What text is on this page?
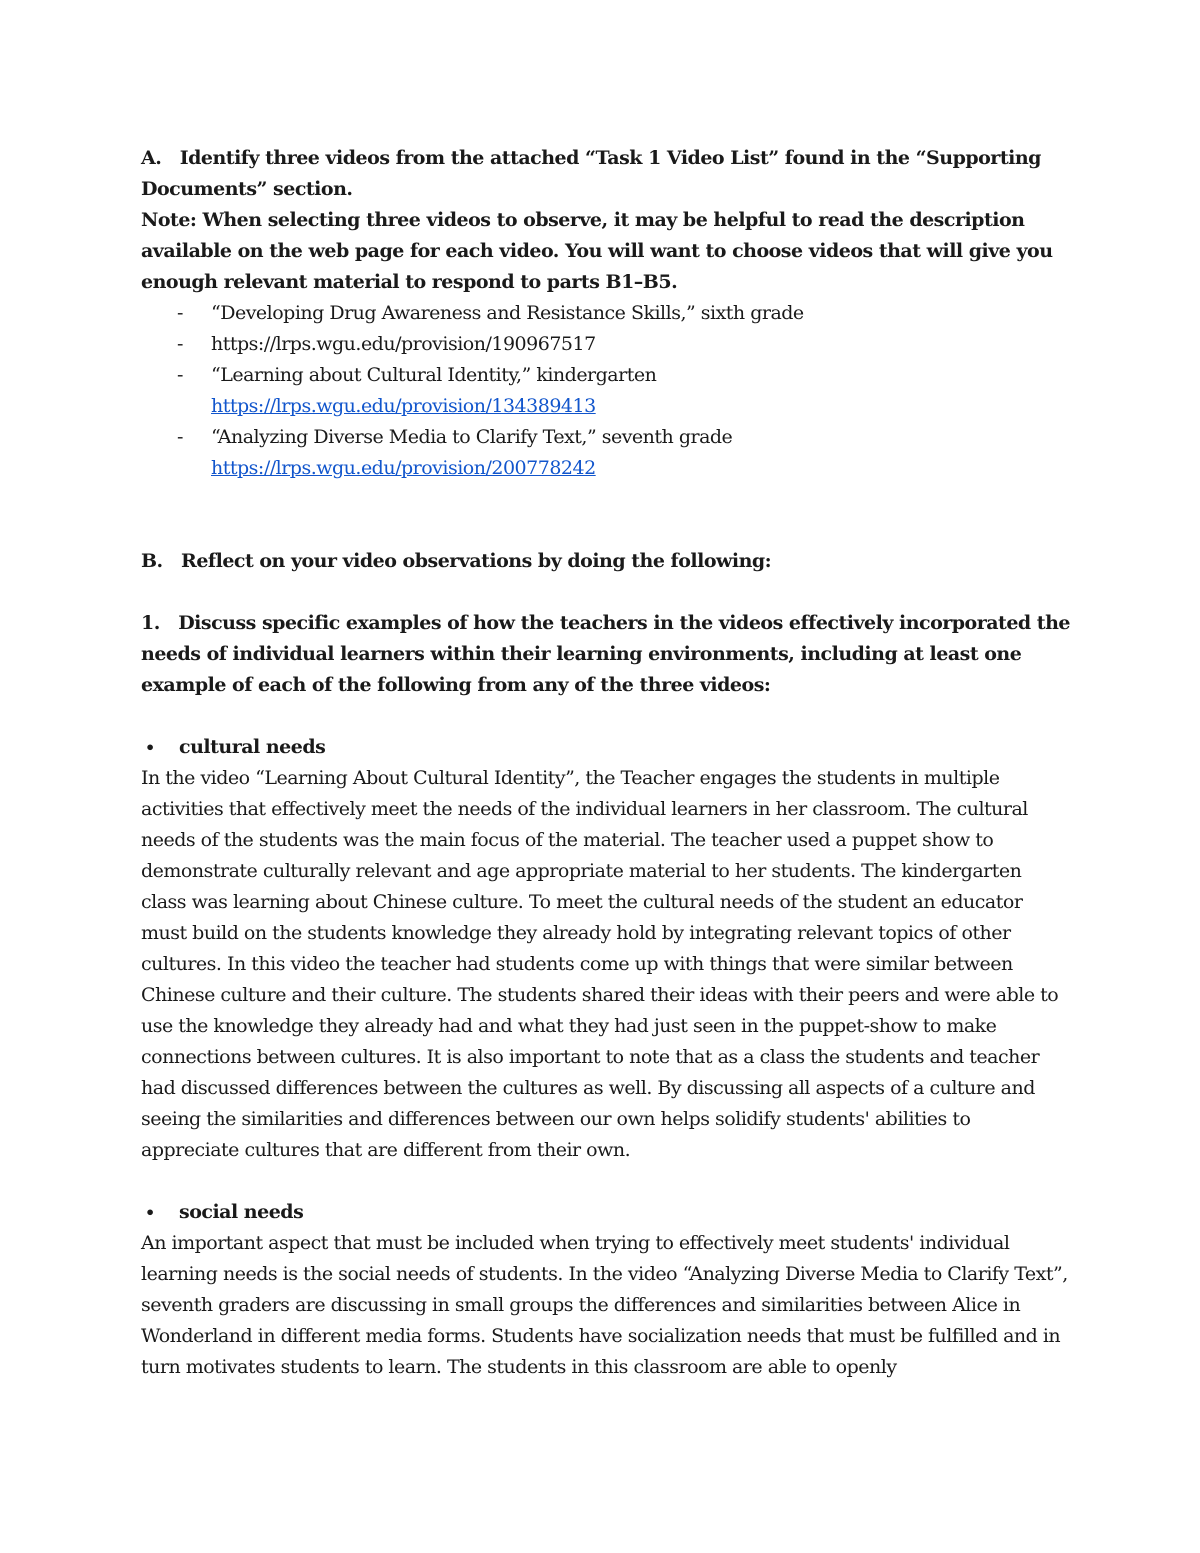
A. Identify three videos from the attached “Task 1 Video List” found in the “Supporting Documents” section.

Note: When selecting three videos to observe, it may be helpful to read the description available on the web page for each video. You will want to choose videos that will give you enough relevant material to respond to parts B1–B5.

- “Developing Drug Awareness and Resistance Skills,” sixth grade
- https://lrps.wgu.edu/provision/190967517
- “Learning about Cultural Identity,” kindergarten
https://lrps.wgu.edu/provision/134389413
- “Analyzing Diverse Media to Clarify Text,” seventh grade
https://lrps.wgu.edu/provision/200778242

B. Reflect on your video observations by doing the following:

1. Discuss specific examples of how the teachers in the videos effectively incorporated the needs of individual learners within their learning environments, including at least one example of each of the following from any of the three videos:

• cultural needs

In the video “Learning About Cultural Identity”, the Teacher engages the students in multiple activities that effectively meet the needs of the individual learners in her classroom. The cultural needs of the students was the main focus of the material. The teacher used a puppet show to demonstrate culturally relevant and age appropriate material to her students. The kindergarten class was learning about Chinese culture. To meet the cultural needs of the student an educator must build on the students knowledge they already hold by integrating relevant topics of other cultures. In this video the teacher had students come up with things that were similar between Chinese culture and their culture. The students shared their ideas with their peers and were able to use the knowledge they already had and what they had just seen in the puppet-show to make connections between cultures. It is also important to note that as a class the students and teacher had discussed differences between the cultures as well. By discussing all aspects of a culture and seeing the similarities and differences between our own helps solidify students' abilities to appreciate cultures that are different from their own.

• social needs

An important aspect that must be included when trying to effectively meet students' individual learning needs is the social needs of students. In the video “Analyzing Diverse Media to Clarify Text”, seventh graders are discussing in small groups the differences and similarities between Alice in Wonderland in different media forms. Students have socialization needs that must be fulfilled and in turn motivates students to learn. The students in this classroom are able to openly
